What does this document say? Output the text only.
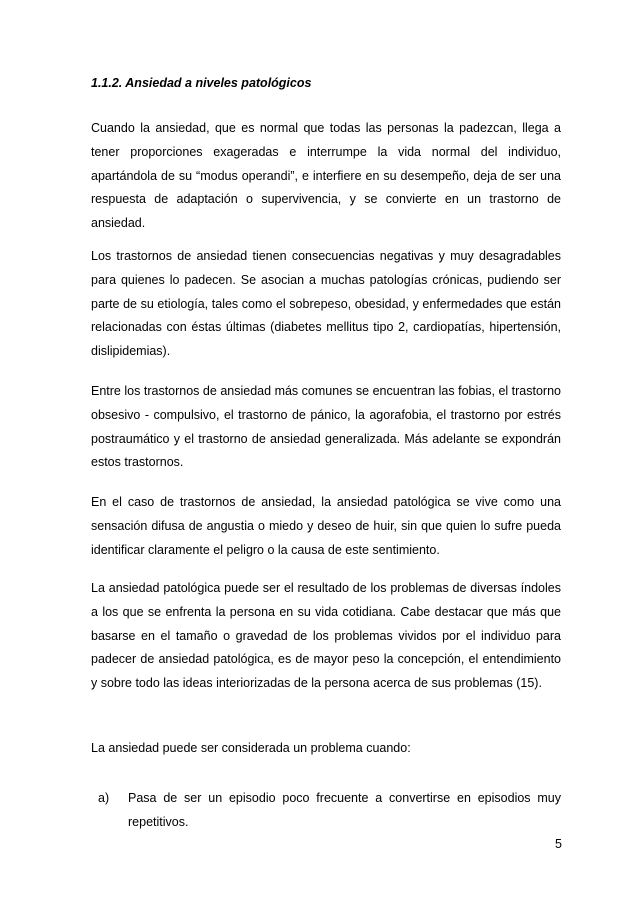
1.1.2. Ansiedad a niveles patológicos

Cuando la ansiedad, que es normal que todas las personas la padezcan, llega a tener proporciones exageradas e interrumpe la vida normal del individuo, apartándola de su “modus operandi”, e interfiere en su desempeño, deja de ser una respuesta de adaptación o supervivencia, y se convierte en un trastorno de ansiedad.

Los trastornos de ansiedad tienen consecuencias negativas y muy desagradables para quienes lo padecen. Se asocian a muchas patologías crónicas, pudiendo ser parte de su etiología, tales como el sobrepeso, obesidad, y enfermedades que están relacionadas con éstas últimas (diabetes mellitus tipo 2, cardiopatías, hipertensión, dislipidemias).

Entre los trastornos de ansiedad más comunes se encuentran las fobias, el trastorno obsesivo - compulsivo, el trastorno de pánico, la agorafobia, el trastorno por estrés postraumático y el trastorno de ansiedad generalizada. Más adelante se expondrán estos trastornos.

En el caso de trastornos de ansiedad, la ansiedad patológica se vive como una sensación difusa de angustia o miedo y deseo de huir, sin que quien lo sufre pueda identificar claramente el peligro o la causa de este sentimiento.

La ansiedad patológica puede ser el resultado de los problemas de diversas índoles a los que se enfrenta la persona en su vida cotidiana. Cabe destacar que más que basarse en el tamaño o gravedad de los problemas vividos por el individuo para padecer de ansiedad patológica, es de mayor peso la concepción, el entendimiento y sobre todo las ideas interiorizadas de la persona acerca de sus problemas (15).

La ansiedad puede ser considerada un problema cuando:

a) Pasa de ser un episodio poco frecuente a convertirse en episodios muy repetitivos.
5
